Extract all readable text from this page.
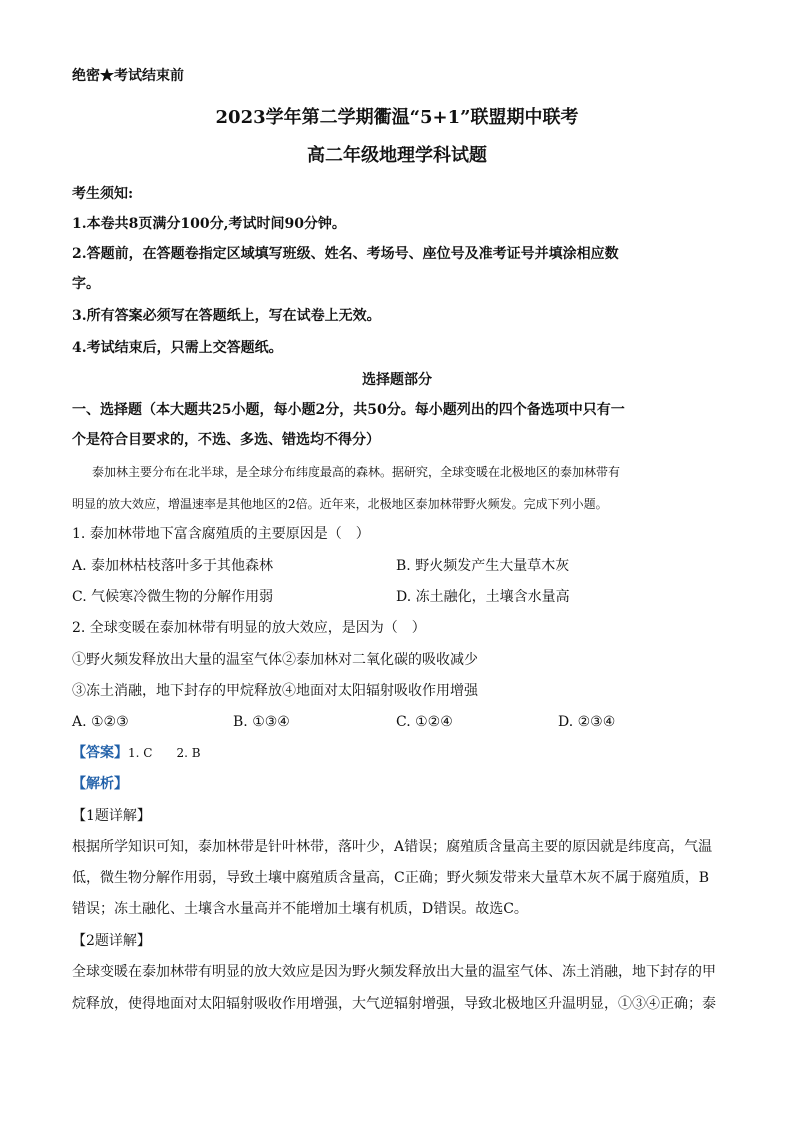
绝密★考试结束前
2023学年第二学期衢温“5+1”联盟期中联考
高二年级地理学科试题
考生须知:
1.本卷共8页满分100分,考试时间90分钟。
2.答题前，在答题卷指定区域填写班级、姓名、考场号、座位号及准考证号并填涂相应数
字。
3.所有答案必须写在答题纸上，写在试卷上无效。
4.考试结束后，只需上交答题纸。
选择题部分
一、选择题（本大题共25小题，每小题2分，共50分。每小题列出的四个备选项中只有一
个是符合目要求的，不选、多选、错选均不得分）
泰加林主要分布在北半球，是全球分布纬度最高的森林。据研究，全球变暖在北极地区的泰加林带有
明显的放大效应，增温速率是其他地区的2倍。近年来，北极地区泰加林带野火频发。完成下列小题。
1. 泰加林带地下富含腐殖质的主要原因是（　）
A. 泰加林枯枝落叶多于其他森林	B. 野火频发产生大量草木灰
C. 气候寒冷微生物的分解作用弱	D. 冻土融化，土壤含水量高
2. 全球变暖在泰加林带有明显的放大效应，是因为（　）
①野火频发释放出大量的温室气体②泰加林对二氧化碳的吸收减少
③冻土消融，地下封存的甲烷释放④地面对太阳辐射吸收作用增强
A. ①②③	B. ①③④	C. ①②④	D. ②③④
【答案】1. C　　2. B
【解析】
【1题详解】
根据所学知识可知，泰加林带是针叶林带，落叶少，A错误；腐殖质含量高主要的原因就是纬度高，气温
低，微生物分解作用弱，导致土壤中腐殖质含量高，C正确；野火频发带来大量草木灰不属于腐殖质，B
错误；冻土融化、土壤含水量高并不能增加土壤有机质，D错误。故选C。
【2题详解】
全球变暖在泰加林带有明显的放大效应是因为野火频发释放出大量的温室气体、冻土消融，地下封存的甲
烷释放，使得地面对太阳辐射吸收作用增强，大气逆辐射增强，导致北极地区升温明显，①③④正确；泰
